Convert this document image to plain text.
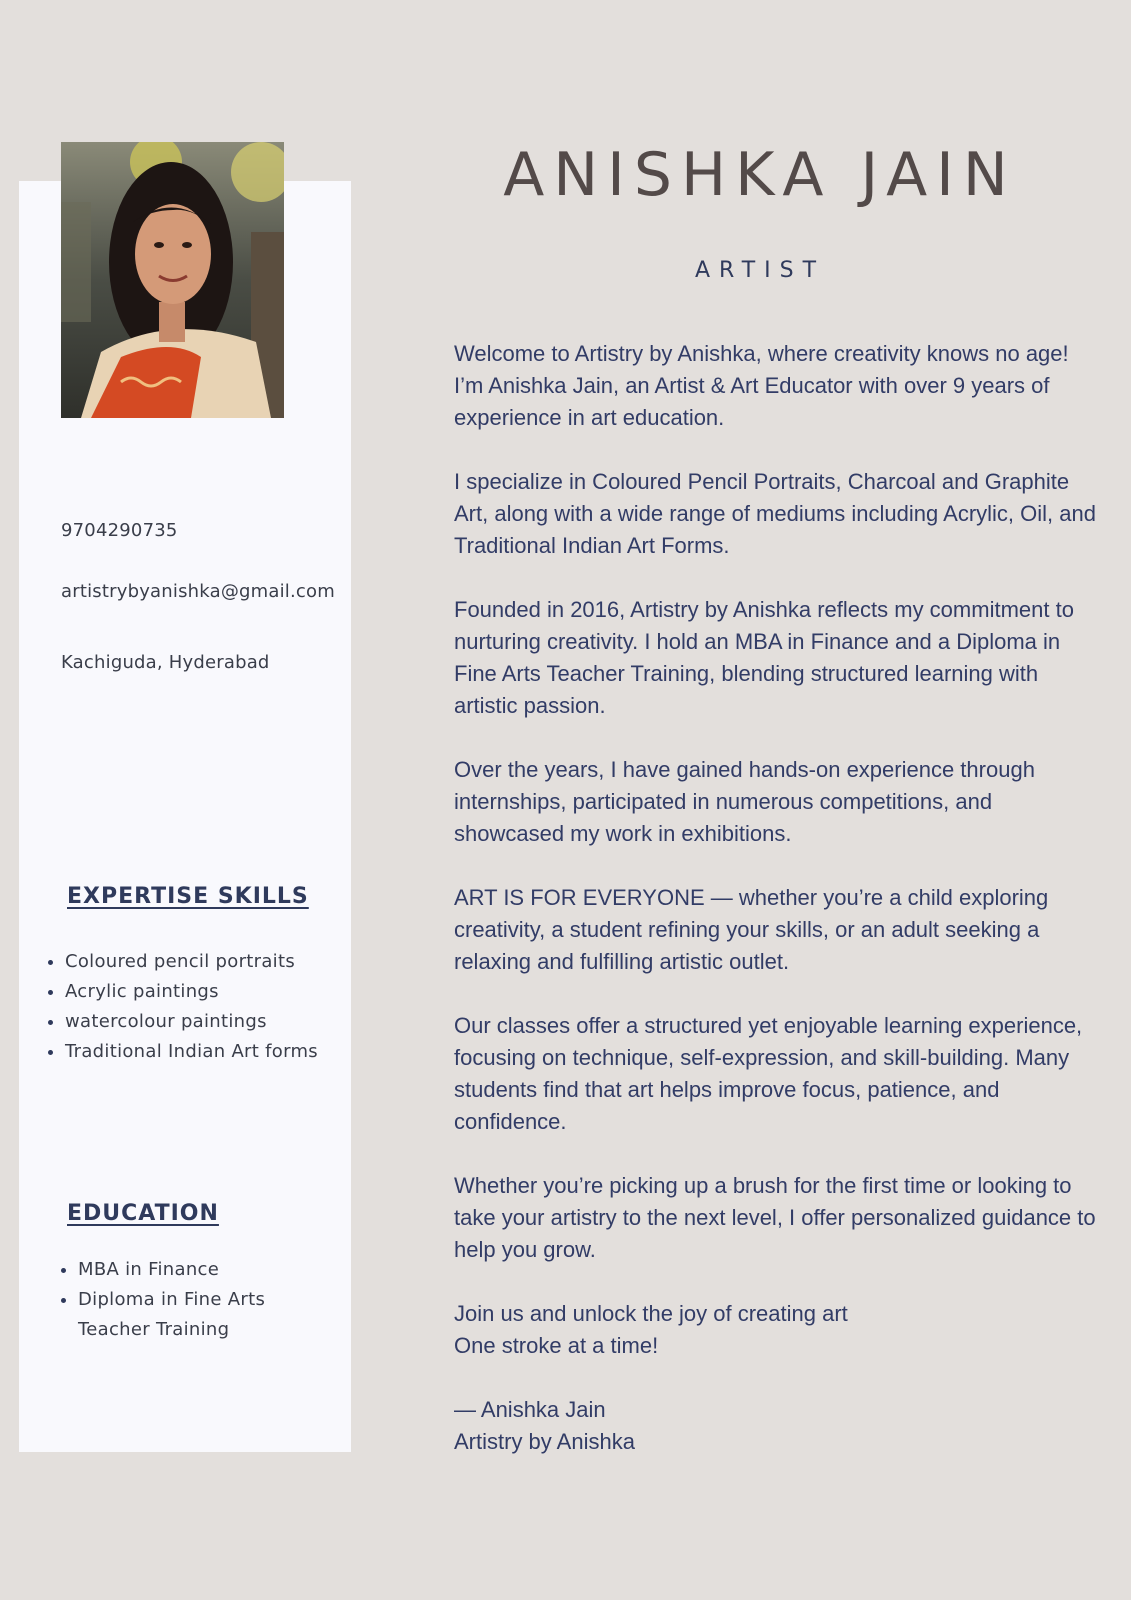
9704290735
artistrybyanishka@gmail.com
Kachiguda, Hyderabad
EXPERTISE SKILLS
• Coloured pencil portraits
• Acrylic paintings
• watercolour paintings
• Traditional Indian Art forms
EDUCATION
• MBA in Finance
• Diploma in Fine Arts Teacher Training
ANISHKA JAIN
ARTIST

Welcome to Artistry by Anishka, where creativity knows no age!
I’m Anishka Jain, an Artist & Art Educator with over 9 years of experience in art education.

I specialize in Coloured Pencil Portraits, Charcoal and Graphite Art, along with a wide range of mediums including Acrylic, Oil, and Traditional Indian Art Forms.

Founded in 2016, Artistry by Anishka reflects my commitment to nurturing creativity. I hold an MBA in Finance and a Diploma in Fine Arts Teacher Training, blending structured learning with artistic passion.

Over the years, I have gained hands-on experience through internships, participated in numerous competitions, and showcased my work in exhibitions.

ART IS FOR EVERYONE — whether you’re a child exploring creativity, a student refining your skills, or an adult seeking a relaxing and fulfilling artistic outlet.

Our classes offer a structured yet enjoyable learning experience, focusing on technique, self-expression, and skill-building. Many students find that art helps improve focus, patience, and confidence.

Whether you’re picking up a brush for the first time or looking to take your artistry to the next level, I offer personalized guidance to help you grow.

Join us and unlock the joy of creating art
One stroke at a time!

— Anishka Jain
Artistry by Anishka
